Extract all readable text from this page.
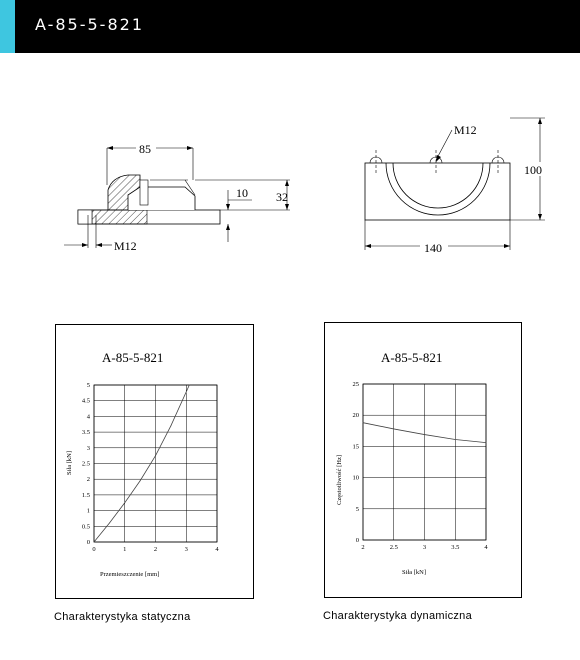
A-85-5-821
85
32
10
M12
M12
100
140
A-85-5-821	A-85-5-821
Przemieszczenie [mm]	Siła [kN]
Siła [kN]	Częstotliwość [Hz]
0	1	2	3	4
0
0.5
1
1.5
2
2.5
3
3.5
4
4.5
5
2	2.5	3	3.5	4
0
5
10
15
20
25
Charakterystyka statyczna	Charakterystyka dynamiczna
